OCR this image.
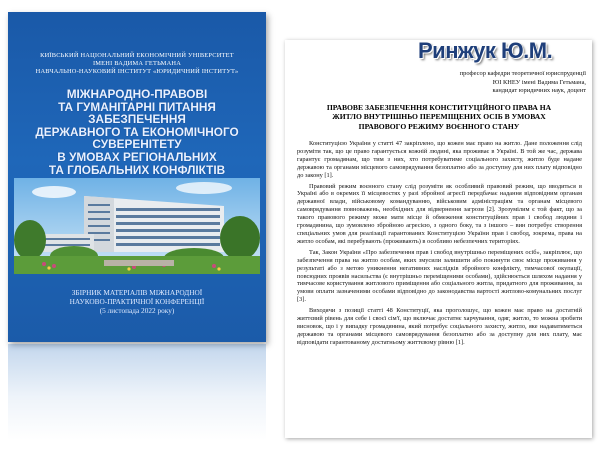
КИЇВСЬКИЙ НАЦІОНАЛЬНИЙ ЕКОНОМІЧНИЙ УНІВЕРСИТЕТ
ІМЕНІ ВАДИМА ГЕТЬМАНА
НАВЧАЛЬНО-НАУКОВИЙ ІНСТИТУТ «ЮРИДИЧНИЙ ІНСТИТУТ»
МІЖНАРОДНО-ПРАВОВІ
ТА ГУМАНІТАРНІ ПИТАННЯ
ЗАБЕЗПЕЧЕННЯ
ДЕРЖАВНОГО ТА ЕКОНОМІЧНОГО
СУВЕРЕНІТЕТУ
В УМОВАХ РЕГІОНАЛЬНИХ
ТА ГЛОБАЛЬНИХ КОНФЛІКТІВ
ЗБІРНИК МАТЕРІАЛІВ МІЖНАРОДНОЇ
НАУКОВО-ПРАКТИЧНОЇ КОНФЕРЕНЦІЇ
(5 листопада 2022 року)
Ринжук Ю.М.
професор кафедри теоретичної юриспруденції
ЮІ КНЕУ імені Вадима Гетьмана,
кандидат юридичних наук, доцент
ПРАВОВЕ ЗАБЕЗПЕЧЕННЯ КОНСТИТУЦІЙНОГО ПРАВА НА
ЖИТЛО ВНУТРІШНЬО ПЕРЕМІЩЕНИХ ОСІБ В УМОВАХ
ПРАВОВОГО РЕЖИМУ ВОЄННОГО СТАНУ

Конституцією України у статті 47 закріплено, що кожен має право на житло. Дане положення слід розуміти так, що це право гарантується кожній людині, яка проживає в Україні. В той же час, держава гарантує громадянам, що тим з них, хто потребуватиме соціального захисту, житло буде надане державою та органами місцевого самоврядування безоплатно або за доступну для них плату відповідно до закону [1].

Правовий режим воєнного стану слід розуміти як особливий правовий режим, що вводиться в Україні або в окремих її місцевостях у разі збройної агресії передбачає надання відповідним органам державної влади, військовому командуванню, військовим адміністраціям та органам місцевого самоврядування повноважень, необхідних для відвернення загрози [2]. Зрозумілим є той факт, що за такого правового режиму може мати місце й обмеження конституційних прав і свобод людини і громадянина, що зумовлено збройною агресією, з одного боку, та з іншого – вин потребує створення спеціальних умов для реалізації гарантованих Конституцією України прав і свобод, зокрема, права на житло особам, які перебувають (проживають) в особливо небезпечних територіях.

Так, Закон України «Про забезпечення прав і свобод внутрішньо переміщених осіб», закріплює, що забезпечення права на житло особам, яких змусили залишити або покинути своє місце проживання у результаті або з метою уникнення негативних наслідків збройного конфлікту, тимчасової окупації, повсюдних проявів насильства (є внутрішньо переміщеними особами), здійснюється шляхом надання у тимчасове користування житлового приміщення або соціального житла, придатного для проживання, за умови оплати зазначеними особами відповідно до законодавства вартості житлово-комунальних послуг [3].

Виходячи з позиції статті 48 Конституції, яка проголошує, що кожен має право на достатній життєвий рівень для себе і своєї сім'ї, що включає достатнє харчування, одяг, житло, то можна зробити висновок, що і у випадку громадянина, який потребує соціального захисту, житло, яке надаватиметься державою та органами місцевого самоврядування безоплатно або за доступну для них плату, має відповідати гарантованому достатньому життєвому рівню [1].
